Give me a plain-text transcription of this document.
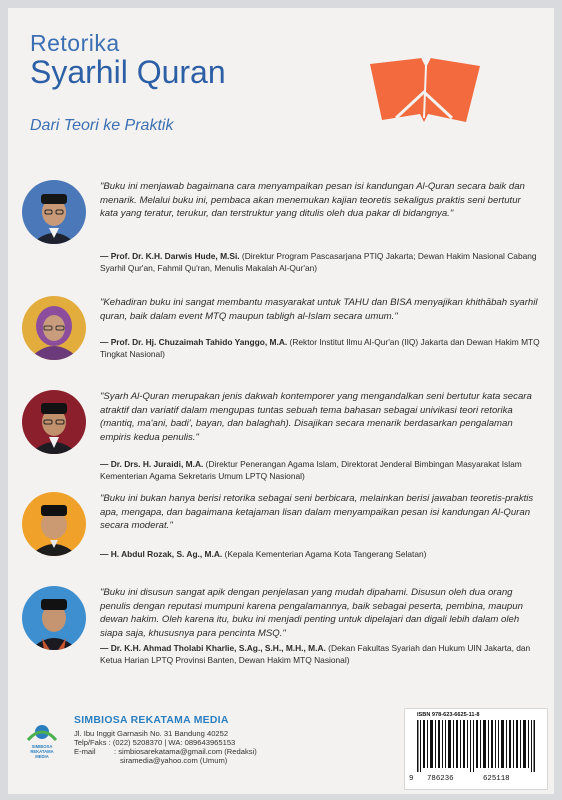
Retorika
Syarhil Quran
Dari Teori ke Praktik
"Buku ini menjawab bagaimana cara menyampaikan pesan isi kandungan Al-Quran secara baik dan menarik. Melalui buku ini, pembaca akan menemukan kajian teoretis sekaligus praktis seni bertutur kata yang teratur, terukur, dan terstruktur yang ditulis oleh dua pakar di bidangnya."
— Prof. Dr. K.H. Darwis Hude, M.Si. (Direktur Program Pascasarjana PTIQ Jakarta; Dewan Hakim Nasional Cabang Syarhil Qur'an, Fahmil Qu'ran, Menulis Makalah Al-Qur'an)
"Kehadiran buku ini sangat membantu masyarakat untuk TAHU dan BISA menyajikan khithābah syarhil quran, baik dalam event MTQ maupun tabligh al-Islam secara umum."
— Prof. Dr. Hj. Chuzaimah Tahido Yanggo, M.A. (Rektor Institut Ilmu Al-Qur'an (IIQ) Jakarta dan Dewan Hakim MTQ Tingkat Nasional)
"Syarh Al-Quran merupakan jenis dakwah kontemporer yang mengandalkan seni bertutur kata secara atraktif dan variatif dalam mengupas tuntas sebuah tema bahasan sebagai univikasi teori retorika (mantiq, ma'ani, badi', bayan, dan balaghah). Disajikan secara menarik berdasarkan pengalaman empiris kedua penulis."
— Dr. Drs. H. Juraidi, M.A. (Direktur Penerangan Agama Islam, Direktorat Jenderal Bimbingan Masyarakat Islam Kementerian Agama Sekretaris Umum LPTQ Nasional)
"Buku ini bukan hanya berisi retorika sebagai seni berbicara, melainkan berisi jawaban teoretis-praktis apa, mengapa, dan bagaimana ketajaman lisan dalam menyampaikan pesan isi kandungan Al-Quran secara moderat."
— H. Abdul Rozak, S. Ag., M.A. (Kepala Kementerian Agama Kota Tangerang Selatan)
"Buku ini disusun sangat apik dengan penjelasan yang mudah dipahami. Disusun oleh dua orang penulis dengan reputasi mumpuni karena pengalamannya, baik sebagai peserta, pembina, maupun dewan hakim. Oleh karena itu, buku ini menjadi penting untuk dipelajari dan digali lebih dalam oleh siapa saja, khususnya para pencinta MSQ."
— Dr. K.H. Ahmad Tholabi Kharlie, S.Ag., S.H., M.H., M.A. (Dekan Fakultas Syariah dan Hukum UIN Jakarta, dan Ketua Harian LPTQ Provinsi Banten, Dewan Hakim MTQ Nasional)
SIMBIOSA
REKATAMA
MEDIA
SIMBIOSA REKATAMA MEDIA
Jl. Ibu Inggit Garnasih No. 31 Bandung 40252
Telp/Faks : (022) 5208370 | WA: 089643965153
E-mail : simbiosarekatama@gmail.com (Redaksi)
siramedia@yahoo.com (Umum)
ISBN 978-623-6625-11-8
9 786236	625118
